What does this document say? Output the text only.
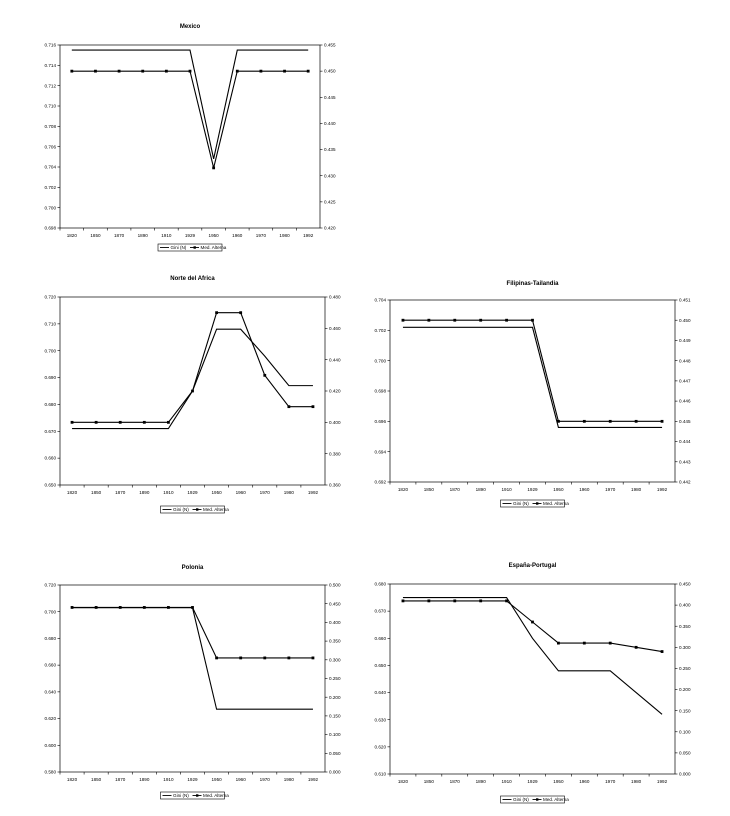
Mexico
0.698
0.700
0.702
0.704
0.706
0.708
0.710
0.712
0.714
0.716
0.420
0.425
0.430
0.435
0.440
0.445
0.450
0.455
1820	1850	1870	1890	1910	1929	1950	1960	1970	1980	1992
Gini (N)	Med. Alterna
Norte del Africa
0.650
0.660
0.670
0.680
0.690
0.700
0.710
0.720
0.360
0.380
0.400
0.420
0.440
0.460
0.480
1820	1850	1870	1890	1910	1929	1950	1960	1970	1980	1992
Gini (N)	Med. Alterna
Filipinas-Tailandia
0.692
0.694
0.696
0.698
0.700
0.702
0.704
0.442
0.443
0.444
0.445
0.446
0.447
0.448
0.449
0.450
0.451
1820	1850	1870	1890	1910	1929	1950	1960	1970	1980	1992
Gini (N)	Med. Alterna
Polonia
0.580
0.600
0.620
0.640
0.660
0.680
0.700
0.720
0.000
0.050
0.100
0.150
0.200
0.250
0.300
0.350
0.400
0.450
0.500
1820	1850	1870	1890	1910	1929	1950	1960	1970	1980	1992
Gini (N)	Med. Alterna
España-Portugal
0.610
0.620
0.630
0.640
0.650
0.660
0.670
0.680
0.000
0.050
0.100
0.150
0.200
0.250
0.300
0.350
0.400
0.450
1820	1850	1870	1890	1910	1929	1950	1960	1970	1980	1992
Gini (N)	Med. Alterna
